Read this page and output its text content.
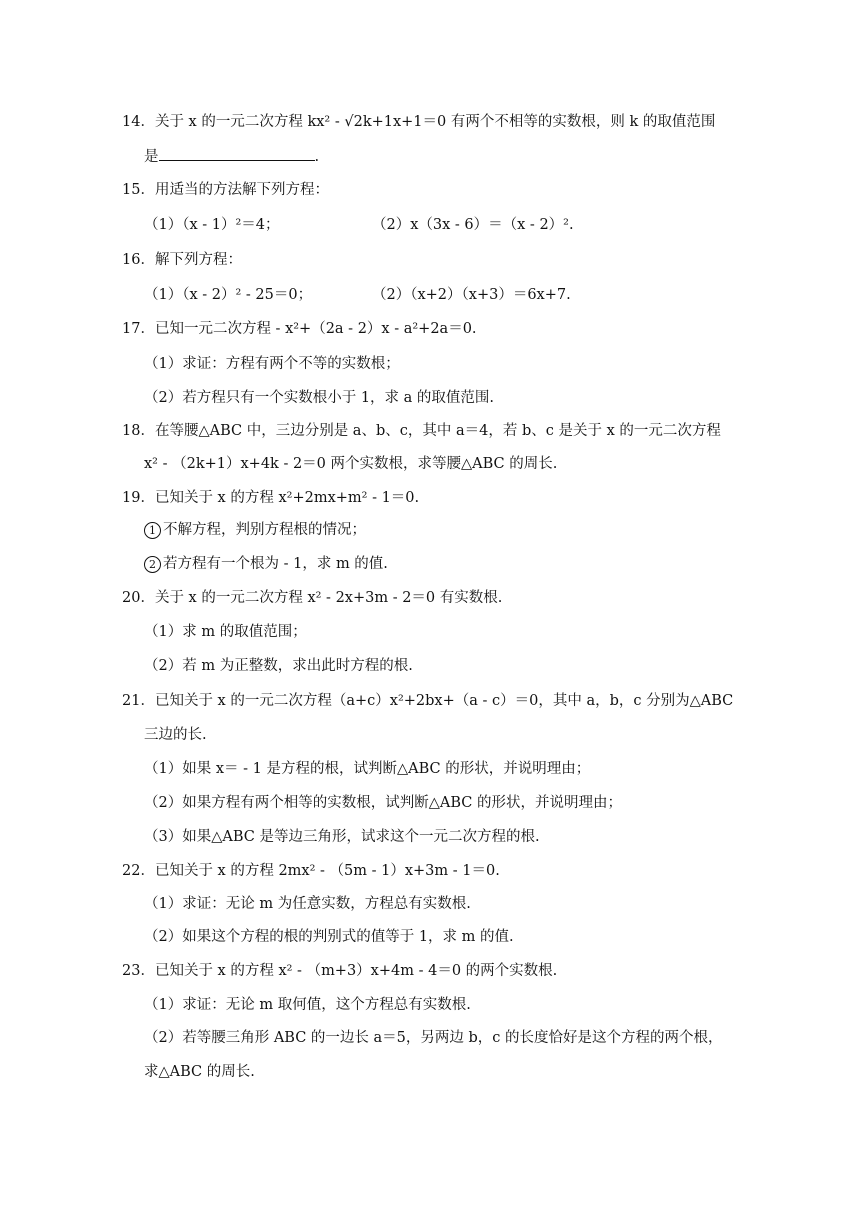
14．关于 x 的一元二次方程 kx² - √2k+1x+1＝0 有两个不相等的实数根，则 k 的取值范围
是	.
15．用适当的方法解下列方程：
（1）（x - 1）²＝4；	（2）x（3x - 6）＝（x - 2）².
16．解下列方程：
（1）（x - 2）² - 25＝0；	（2）（x+2）（x+3）＝6x+7.
17．已知一元二次方程 - x²+（2a - 2）x - a²+2a＝0.
（1）求证：方程有两个不等的实数根；
（2）若方程只有一个实数根小于 1，求 a 的取值范围.
18．在等腰△ABC 中，三边分别是 a、b、c，其中 a＝4，若 b、c 是关于 x 的一元二次方程
x² - （2k+1）x+4k - 2＝0 两个实数根，求等腰△ABC 的周长.
19．已知关于 x 的方程 x²+2mx+m² - 1＝0.
1 不解方程，判别方程根的情况；
2 若方程有一个根为 - 1，求 m 的值.
20．关于 x 的一元二次方程 x² - 2x+3m - 2＝0 有实数根.
（1）求 m 的取值范围；
（2）若 m 为正整数，求出此时方程的根.
21．已知关于 x 的一元二次方程（a+c）x²+2bx+（a - c）＝0，其中 a，b，c 分别为△ABC
三边的长.
（1）如果 x＝ - 1 是方程的根，试判断△ABC 的形状，并说明理由；
（2）如果方程有两个相等的实数根，试判断△ABC 的形状，并说明理由；
（3）如果△ABC 是等边三角形，试求这个一元二次方程的根.
22．已知关于 x 的方程 2mx² - （5m - 1）x+3m - 1＝0.
（1）求证：无论 m 为任意实数，方程总有实数根.
（2）如果这个方程的根的判别式的值等于 1，求 m 的值.
23．已知关于 x 的方程 x² - （m+3）x+4m - 4＝0 的两个实数根.
（1）求证：无论 m 取何值，这个方程总有实数根.
（2）若等腰三角形 ABC 的一边长 a＝5，另两边 b，c 的长度恰好是这个方程的两个根，
求△ABC 的周长.
